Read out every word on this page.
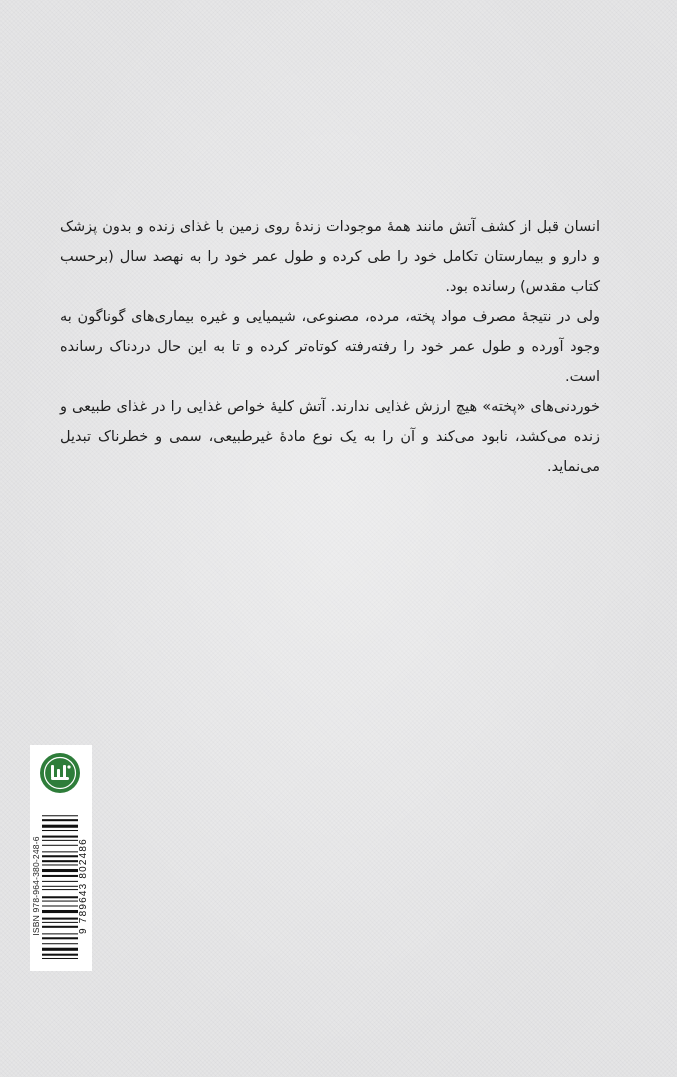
انسان قبل از کشف آتش مانند همهٔ موجودات زندهٔ روی زمین با غذای زنده و بدون پزشک و دارو و بیمارستان تکامل خود را طی کرده و طول عمر خود را به نهصد سال (برحسب کتاب مقدس) رسانده بود.

ولی در نتیجهٔ مصرف مواد پخته، مرده، مصنوعی، شیمیایی و غیره بیماری‌های گوناگون به وجود آورده و طول عمر خود را رفته‌رفته کوتاه‌تر کرده و تا به این حال دردناک رسانده است.

خوردنی‌های «پخته» هیچ ارزش غذایی ندارند. آتش کلیهٔ خواص غذایی را در غذای طبیعی و زنده می‌کشد، نابود می‌کند و آن را به یک نوع مادهٔ غیرطبیعی، سمی و خطرناک تبدیل می‌نماید.

ISBN 978-964-380-248-6	9 789643 802486
